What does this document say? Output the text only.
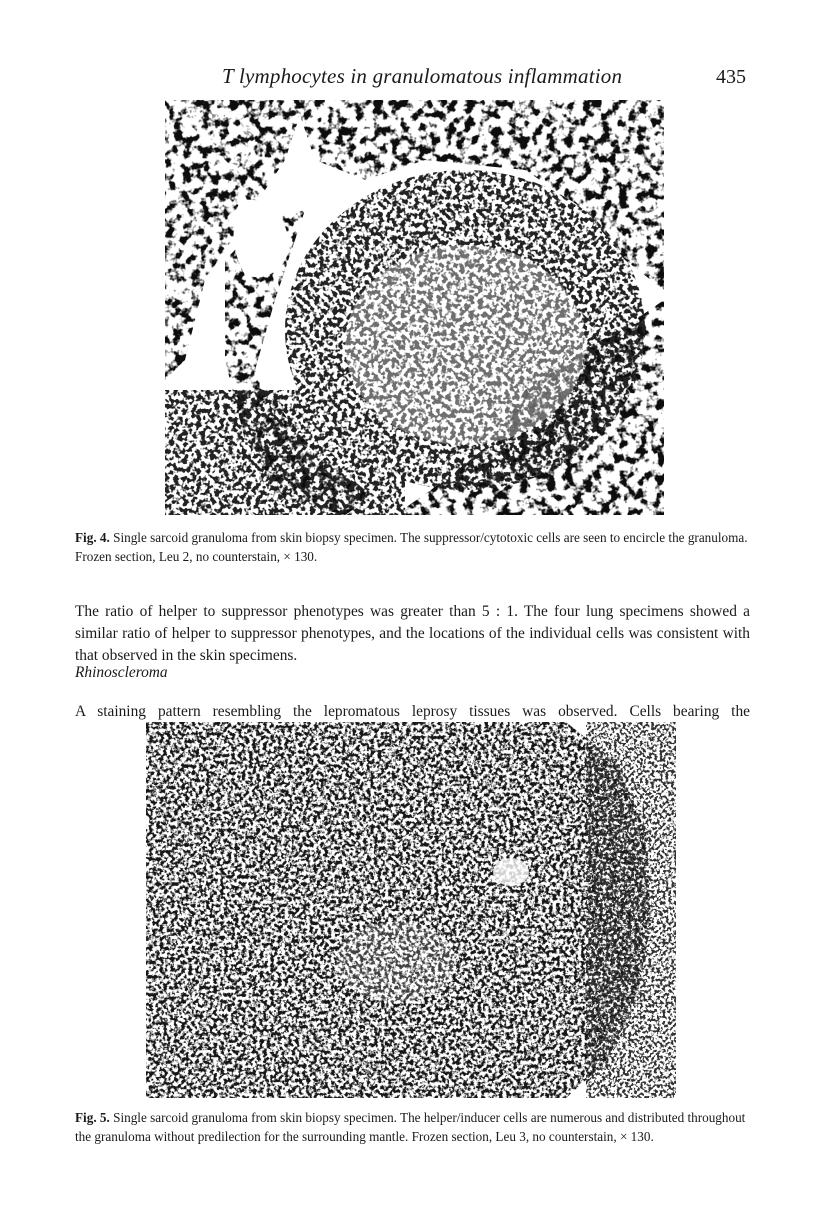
T lymphocytes in granulomatous inflammation	435
Fig. 4. Single sarcoid granuloma from skin biopsy specimen. The suppressor/cytotoxic cells are seen to encircle the granuloma. Frozen section, Leu 2, no counterstain, × 130.

The ratio of helper to suppressor phenotypes was greater than 5 : 1. The four lung specimens showed a similar ratio of helper to suppressor phenotypes, and the locations of the individual cells was consistent with that observed in the skin specimens.

Rhinoscleroma

A staining pattern resembling the lepromatous leprosy tissues was observed. Cells bearing the

Fig. 5. Single sarcoid granuloma from skin biopsy specimen. The helper/inducer cells are numerous and distributed throughout the granuloma without predilection for the surrounding mantle. Frozen section, Leu 3, no counterstain, × 130.
